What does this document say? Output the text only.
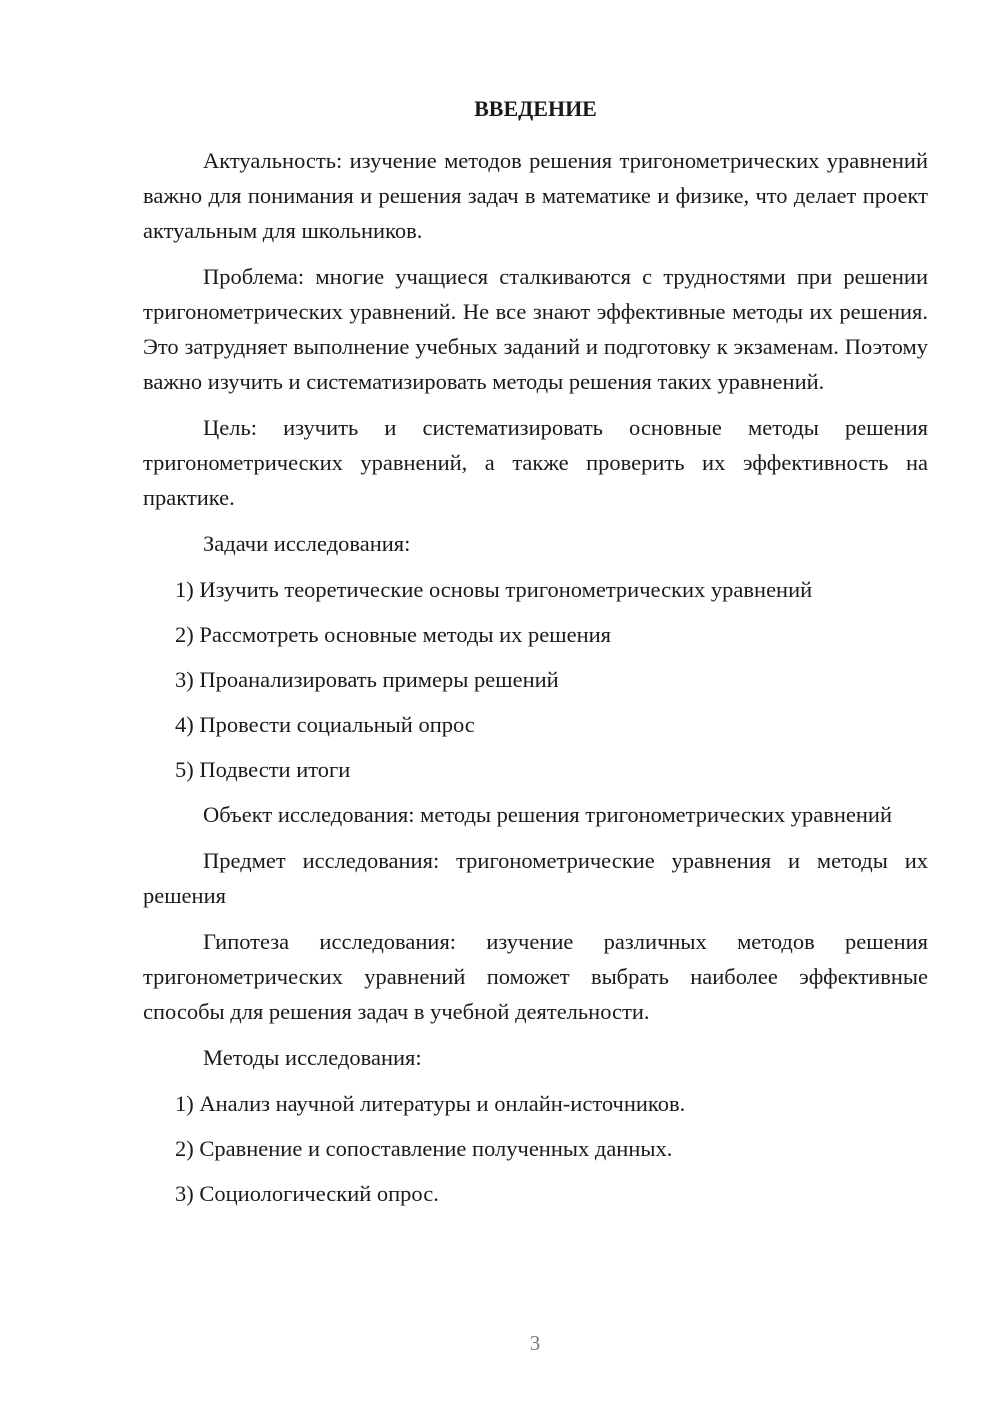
ВВЕДЕНИЕ

Актуальность: изучение методов решения тригонометрических уравнений важно для понимания и решения задач в математике и физике, что делает проект актуальным для школьников.

Проблема: многие учащиеся сталкиваются с трудностями при решении тригонометрических уравнений. Не все знают эффективные методы их решения. Это затрудняет выполнение учебных заданий и подготовку к экзаменам. Поэтому важно изучить и систематизировать методы решения таких уравнений.

Цель: изучить и систематизировать основные методы решения тригонометрических уравнений, а также проверить их эффективность на практике.

Задачи исследования:

1) Изучить теоретические основы тригонометрических уравнений

2) Рассмотреть основные методы их решения

3) Проанализировать примеры решений

4) Провести социальный опрос

5) Подвести итоги

Объект исследования: методы решения тригонометрических уравнений

Предмет исследования: тригонометрические уравнения и методы их решения

Гипотеза исследования: изучение различных методов решения тригонометрических уравнений поможет выбрать наиболее эффективные способы для решения задач в учебной деятельности.

Методы исследования:

1) Анализ научной литературы и онлайн-источников.

2) Сравнение и сопоставление полученных данных.

3) Социологический опрос.

3
